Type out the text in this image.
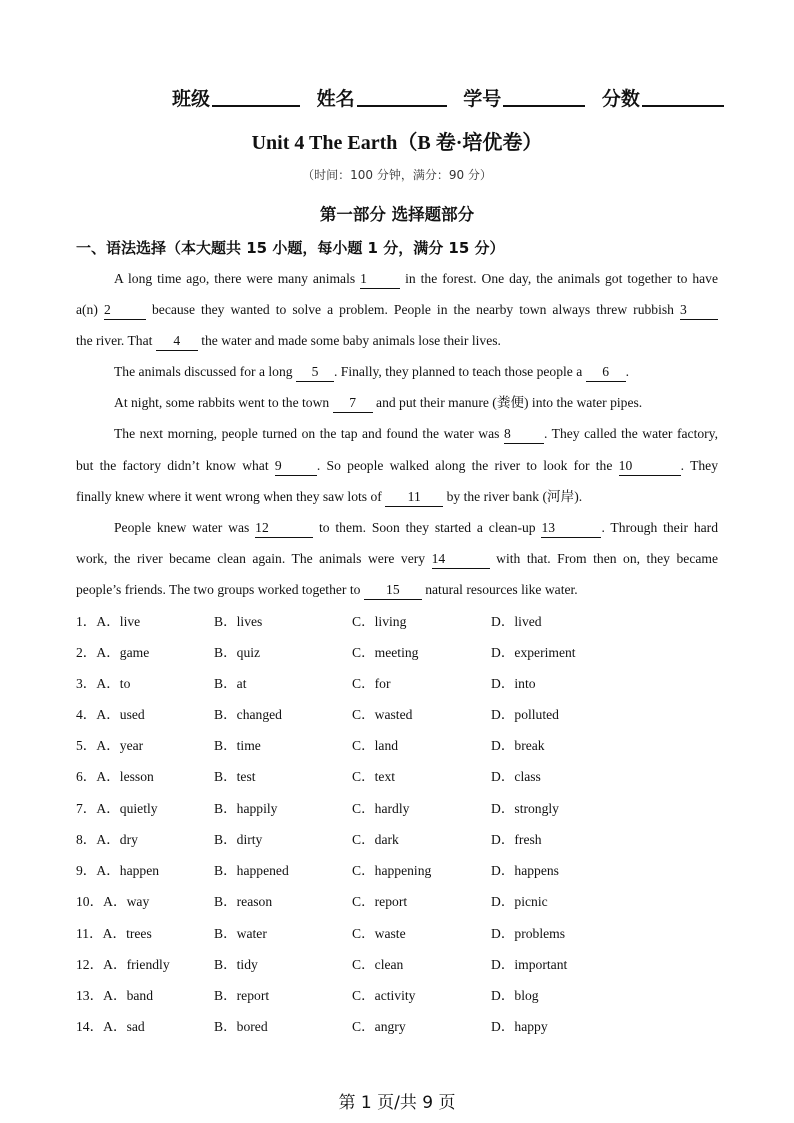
班级	姓名	学号	分数
Unit 4 The Earth（B 卷·培优卷）
（时间：100 分钟，满分：90 分）
第一部分 选择题部分
一、语法选择（本大题共 15 小题，每小题 1 分，满分 15 分）
A long time ago, there were many animals 1	in the forest. One day, the animals got together to have
a(n) 2	because they wanted to solve a problem. People in the nearby town always threw rubbish 3
the river. That 4 the water and made some baby animals lose their lives.
The animals discussed for a long 5 . Finally, they planned to teach those people a 6 .
At night, some rabbits went to the town 7 and put their manure (粪便) into the water pipes.
The next morning, people turned on the tap and found the water was 8 . They called the water factory,
but the factory didn’t know what 9	. So people walked along the river to look for the 10	. They
finally knew where it went wrong when they saw lots of 11 by the river bank (河岸).
People knew water was 12	to them. Soon they started a clean-up 13	. Through their hard
work, the river became clean again. The animals were very 14	with that. From then on, they became
people’s friends. The two groups worked together to 15 natural resources like water.
1．A．live	B．lives	C．living	D．lived
2．A．game	B．quiz	C．meeting	D．experiment
3．A．to	B．at	C．for	D．into
4．A．used	B．changed	C．wasted	D．polluted
5．A．year	B．time	C．land	D．break
6．A．lesson	B．test	C．text	D．class
7．A．quietly	B．happily	C．hardly	D．strongly
8．A．dry	B．dirty	C．dark	D．fresh
9．A．happen	B．happened	C．happening	D．happens
10．A．way	B．reason	C．report	D．picnic
11．A．trees	B．water	C．waste	D．problems
12．A．friendly	B．tidy	C．clean	D．important
13．A．band	B．report	C．activity	D．blog
14．A．sad	B．bored	C．angry	D．happy
第 1 页/共 9 页
